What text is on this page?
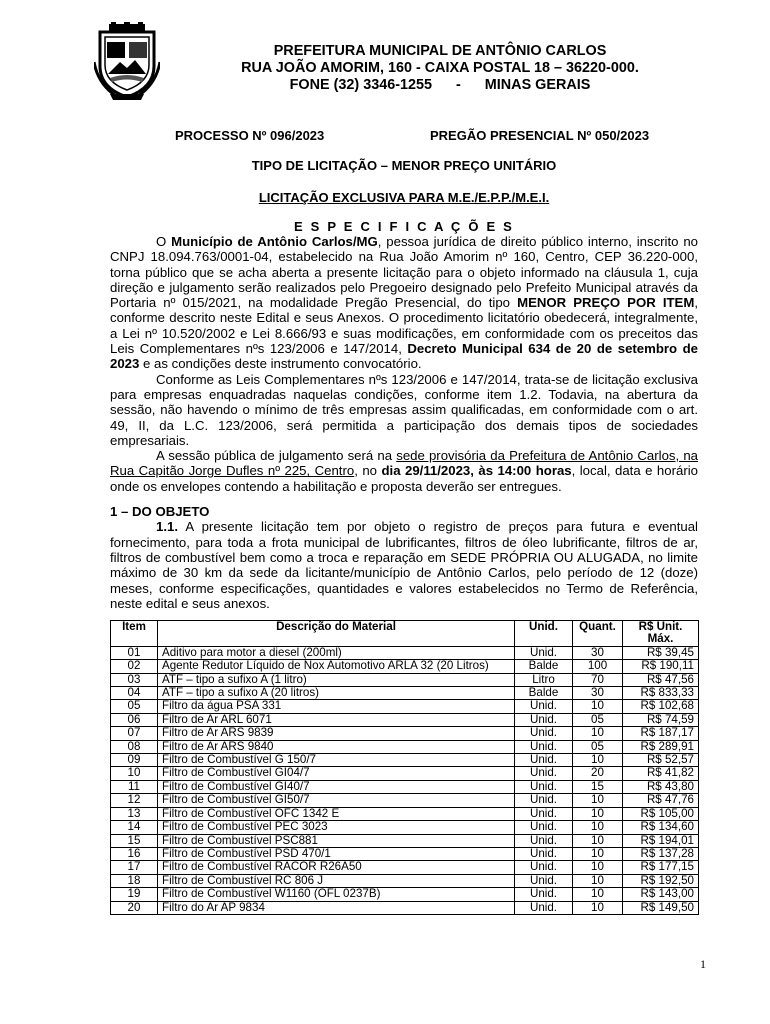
PREFEITURA MUNICIPAL DE ANTÔNIO CARLOS
RUA JOÃO AMORIM, 160 - CAIXA POSTAL 18 – 36220-000.
FONE (32) 3346-1255      -      MINAS GERAIS
PROCESSO Nº 096/2023	PREGÃO PRESENCIAL Nº 050/2023
TIPO DE LICITAÇÃO – MENOR PREÇO UNITÁRIO
LICITAÇÃO EXCLUSIVA PARA M.E./E.P.P./M.E.I.
E S P E C I F I C A Ç Õ E S

O Município de Antônio Carlos/MG, pessoa jurídica de direito público interno, inscrito no CNPJ 18.094.763/0001-04, estabelecido na Rua João Amorim nº 160, Centro, CEP 36.220-000, torna público que se acha aberta a presente licitação para o objeto informado na cláusula 1, cuja direção e julgamento serão realizados pelo Pregoeiro designado pelo Prefeito Municipal através da Portaria nº 015/2021, na modalidade Pregão Presencial, do tipo MENOR PREÇO POR ITEM, conforme descrito neste Edital e seus Anexos. O procedimento licitatório obedecerá, integralmente, a Lei nº 10.520/2002 e Lei 8.666/93 e suas modificações, em conformidade com os preceitos das Leis Complementares nºs 123/2006 e 147/2014, Decreto Municipal 634 de 20 de setembro de 2023 e as condições deste instrumento convocatório.

Conforme as Leis Complementares nºs 123/2006 e 147/2014, trata-se de licitação exclusiva para empresas enquadradas naquelas condições, conforme item 1.2. Todavia, na abertura da sessão, não havendo o mínimo de três empresas assim qualificadas, em conformidade com o art. 49, II, da L.C. 123/2006, será permitida a participação dos demais tipos de sociedades empresariais.

A sessão pública de julgamento será na sede provisória da Prefeitura de Antônio Carlos, na Rua Capitão Jorge Dufles nº 225, Centro, no dia 29/11/2023, às 14:00 horas, local, data e horário onde os envelopes contendo a habilitação e proposta deverão ser entregues.

1 – DO OBJETO

1.1. A presente licitação tem por objeto o registro de preços para futura e eventual fornecimento, para toda a frota municipal de lubrificantes, filtros de óleo lubrificante, filtros de ar, filtros de combustível bem como a troca e reparação em SEDE PRÓPRIA OU ALUGADA, no limite máximo de 30 km da sede da licitante/município de Antônio Carlos, pelo período de 12 (doze) meses, conforme especificações, quantidades e valores estabelecidos no Termo de Referência, neste edital e seus anexos.

Item	Descrição do Material	Unid.	Quant.	R$ Unit. Máx.
01	Aditivo para motor a diesel (200ml)	Unid.	30	R$ 39,45
02	Agente Redutor Líquido de Nox Automotivo ARLA 32 (20 Litros)	Balde	100	R$ 190,11
03	ATF – tipo a sufixo A (1 litro)	Litro	70	R$ 47,56
04	ATF – tipo a sufixo A (20 litros)	Balde	30	R$ 833,33
05	Filtro da água PSA 331	Unid.	10	R$ 102,68
06	Filtro de Ar ARL 6071	Unid.	05	R$ 74,59
07	Filtro de Ar ARS 9839	Unid.	10	R$ 187,17
08	Filtro de Ar ARS 9840	Unid.	05	R$ 289,91
09	Filtro de Combustível G 150/7	Unid.	10	R$ 52,57
10	Filtro de Combustível GI04/7	Unid.	20	R$ 41,82
11	Filtro de Combustível GI40/7	Unid.	15	R$ 43,80
12	Filtro de Combustível GI50/7	Unid.	10	R$ 47,76
13	Filtro de Combustível OFC 1342 E	Unid.	10	R$ 105,00
14	Filtro de Combustível PEC 3023	Unid.	10	R$ 134,60
15	Filtro de Combustível PSC881	Unid.	10	R$ 194,01
16	Filtro de Combustível PSD 470/1	Unid.	10	R$ 137,28
17	Filtro de Combustível RACOR R26A50	Unid.	10	R$ 177,15
18	Filtro de Combustível RC 806 J	Unid.	10	R$ 192,50
19	Filtro de Combustível W1160 (OFL 0237B)	Unid.	10	R$ 143,00
20	Filtro do Ar AP 9834	Unid.	10	R$ 149,50
1
